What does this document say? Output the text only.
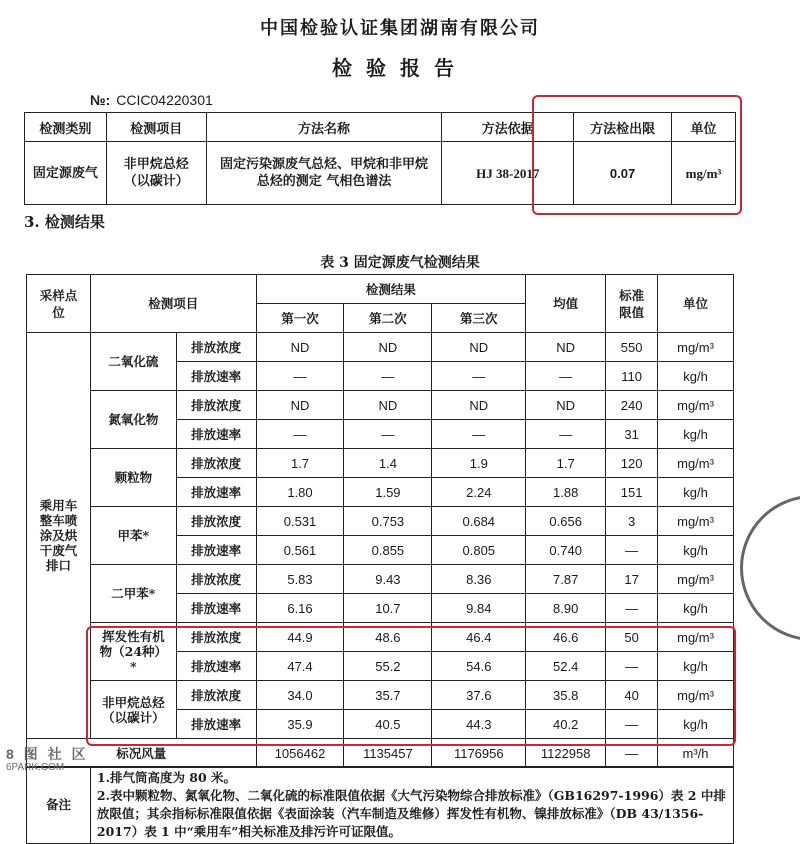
中国检验认证集团湖南有限公司
检验报告
№: CCIC04220301
检测类别	检测项目	方法名称	方法依据	方法检出限	单位
固定源废气	非甲烷总烃（以碳计）	固定污染源废气总烃、甲烷和非甲烷总烃的测定 气相色谱法	HJ 38-2017	0.07	mg/m³
3. 检测结果
表 3 固定源废气检测结果
采样点位	检测项目		检测结果			均值	标准限值	单位
			第一次	第二次	第三次			
乘用车整车喷涂及烘干废气排口	二氧化硫	排放浓度	ND	ND	ND	ND	550	mg/m³
		排放速率	—	—	—	—	110	kg/h
	氮氧化物	排放浓度	ND	ND	ND	ND	240	mg/m³
		排放速率	—	—	—	—	31	kg/h
	颗粒物	排放浓度	1.7	1.4	1.9	1.7	120	mg/m³
		排放速率	1.80	1.59	2.24	1.88	151	kg/h
	甲苯*	排放浓度	0.531	0.753	0.684	0.656	3	mg/m³
		排放速率	0.561	0.855	0.805	0.740	—	kg/h
	二甲苯*	排放浓度	5.83	9.43	8.36	7.87	17	mg/m³
		排放速率	6.16	10.7	9.84	8.90	—	kg/h
	挥发性有机物（24种）*	排放浓度	44.9	48.6	46.4	46.6	50	mg/m³
		排放速率	47.4	55.2	54.6	52.4	—	kg/h
	非甲烷总烃（以碳计）	排放浓度	34.0	35.7	37.6	35.8	40	mg/m³
		排放速率	35.9	40.5	44.3	40.2	—	kg/h
标况风量			1056462	1135457	1176956	1122958	—	m³/h
备注	1.排气筒高度为 80 米。
2.表中颗粒物、氮氧化物、二氧化硫的标准限值依据《大气污染物综合排放标准》（GB16297-1996）表 2 中排放限值；其余指标标准限值依据《表面涂装（汽车制造及维修）挥发性有机物、镍排放标准》（DB 43/1356-2017）表 1 中“乘用车”相关标准及排污许可证限值。
8 图 社 区
6PARK.COM
